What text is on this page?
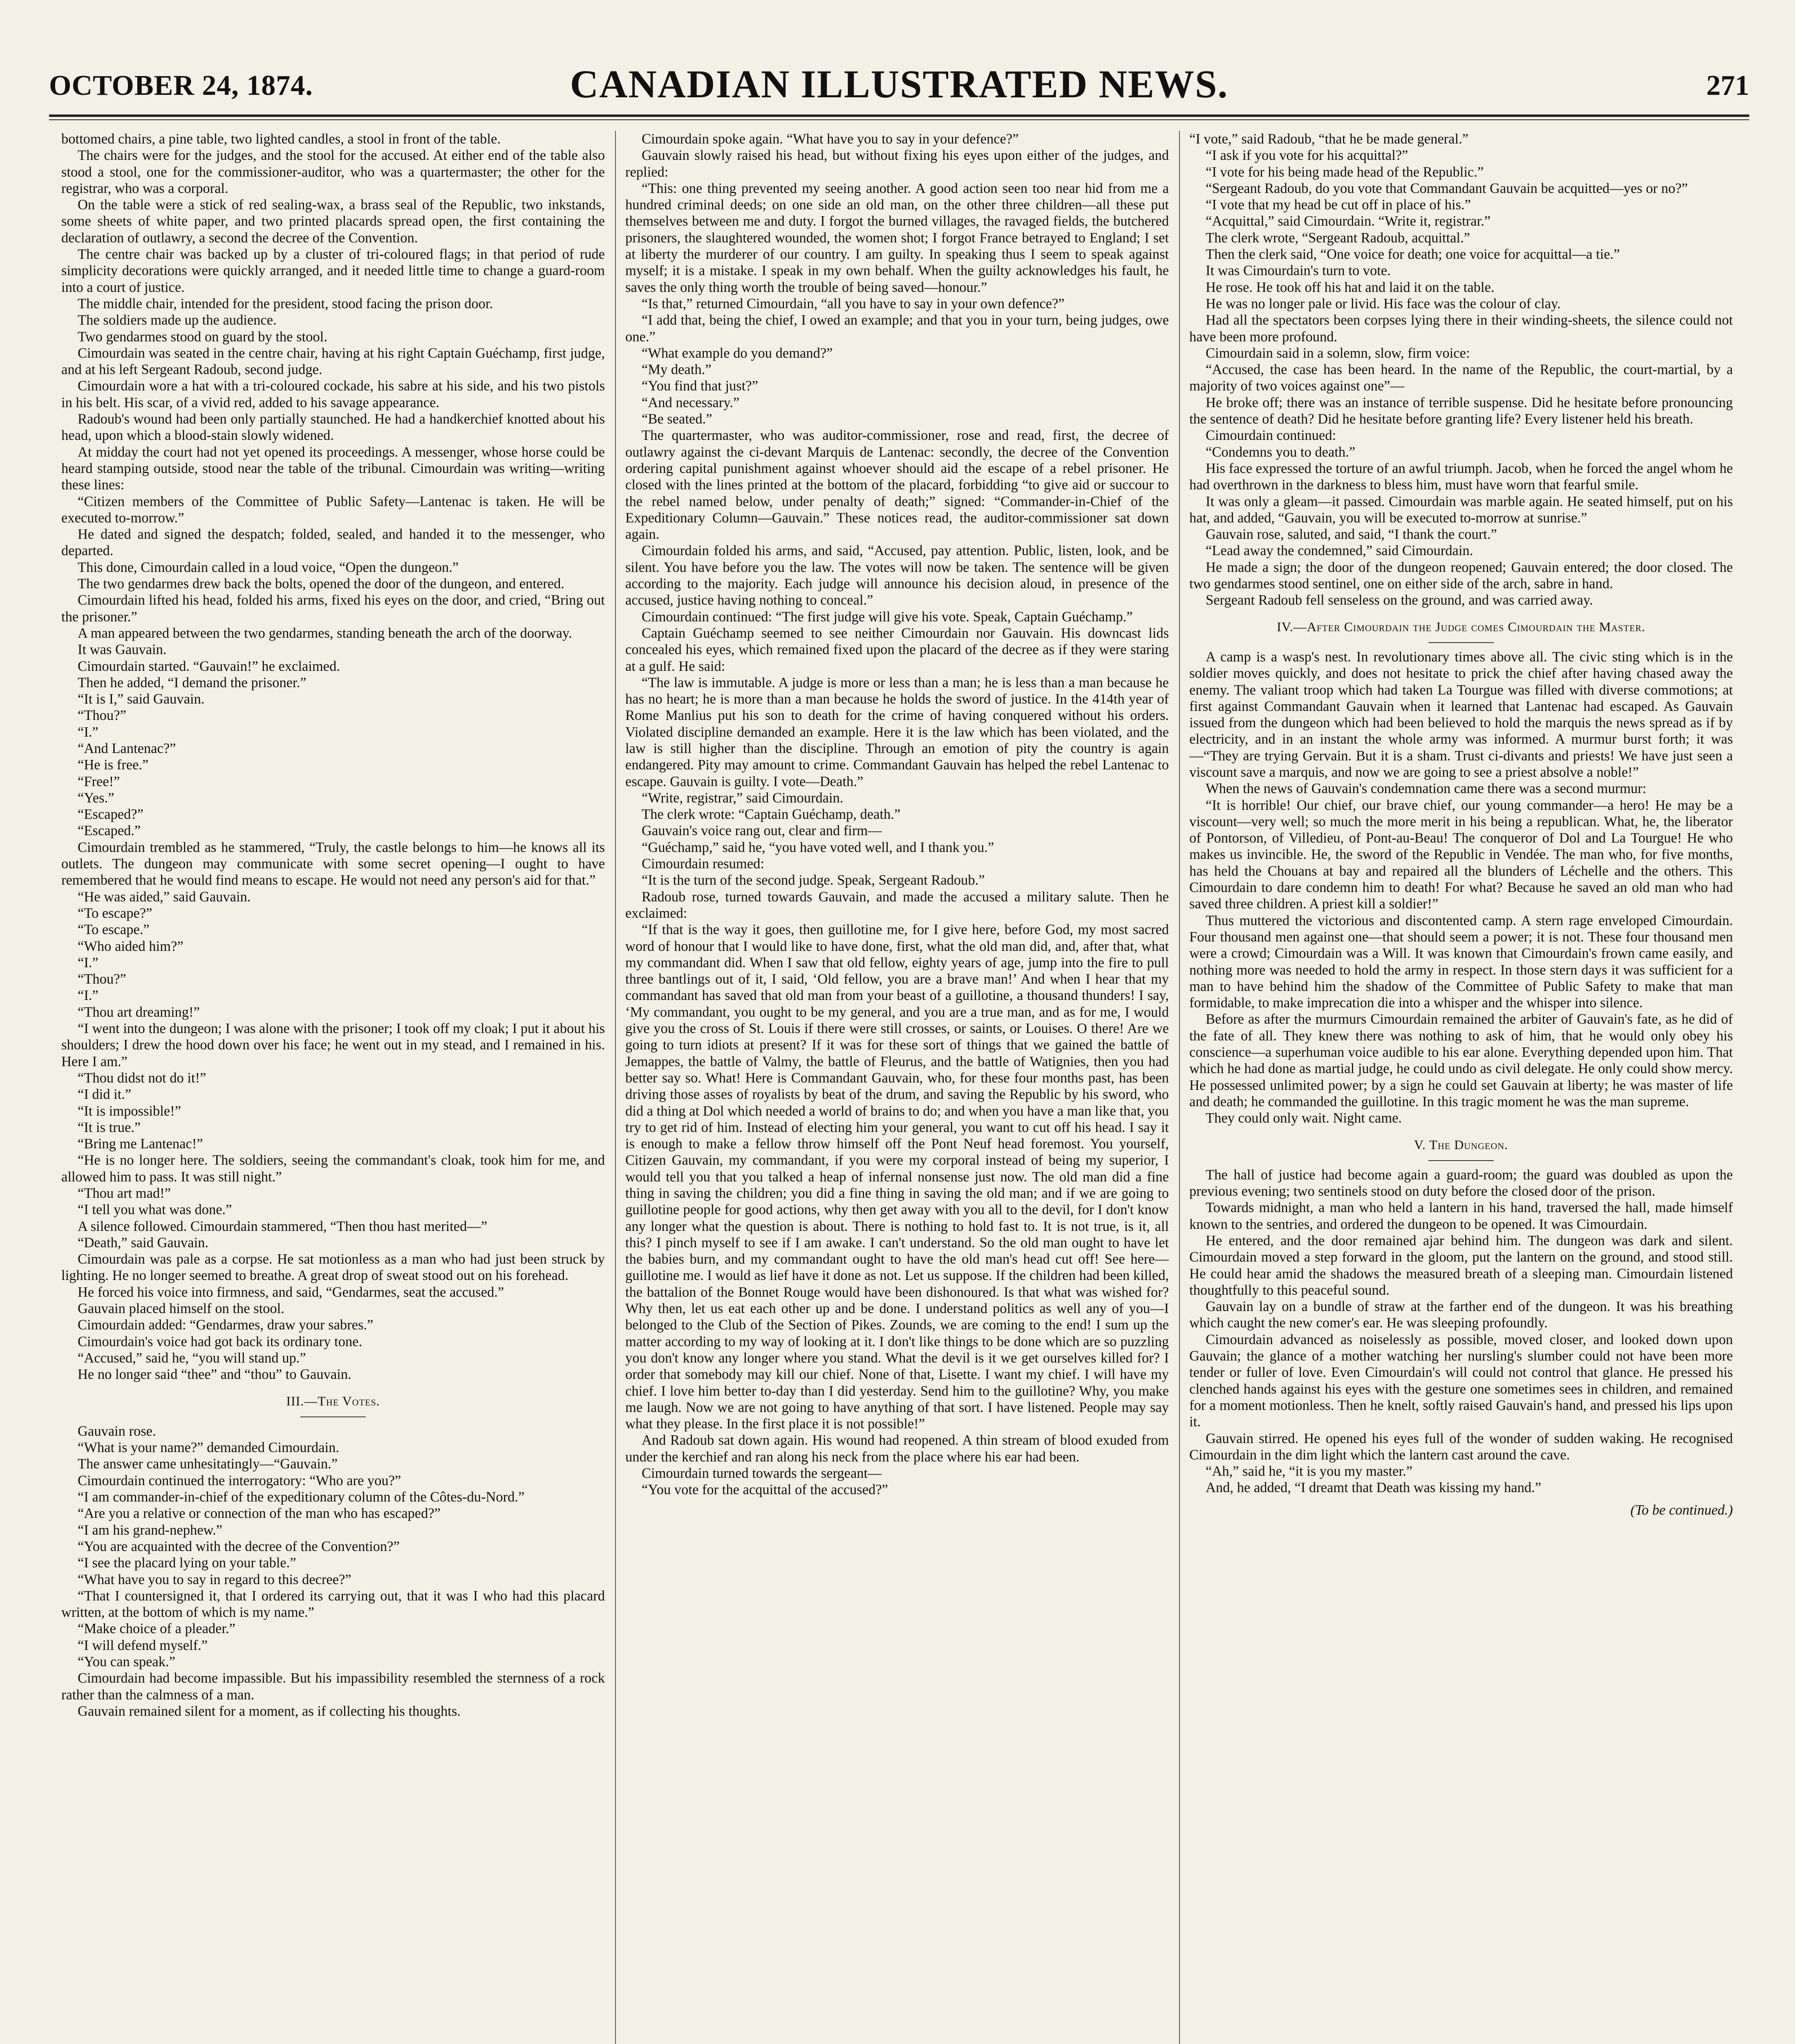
OCTOBER 24, 1874.	CANADIAN ILLUSTRATED NEWS.	271

bottomed chairs, a pine table, two lighted candles, a stool in front of the table.

The chairs were for the judges, and the stool for the accused. At either end of the table also stood a stool, one for the commissioner-auditor, who was a quartermaster; the other for the registrar, who was a corporal.

On the table were a stick of red sealing-wax, a brass seal of the Republic, two inkstands, some sheets of white paper, and two printed placards spread open, the first containing the declaration of outlawry, a second the decree of the Convention.

The centre chair was backed up by a cluster of tri-coloured flags; in that period of rude simplicity decorations were quickly arranged, and it needed little time to change a guard-room into a court of justice.

The middle chair, intended for the president, stood facing the prison door.

The soldiers made up the audience.

Two gendarmes stood on guard by the stool.

Cimourdain was seated in the centre chair, having at his right Captain Guéchamp, first judge, and at his left Sergeant Radoub, second judge.

Cimourdain wore a hat with a tri-coloured cockade, his sabre at his side, and his two pistols in his belt. His scar, of a vivid red, added to his savage appearance.

Radoub's wound had been only partially staunched. He had a handkerchief knotted about his head, upon which a blood-stain slowly widened.

At midday the court had not yet opened its proceedings. A messenger, whose horse could be heard stamping outside, stood near the table of the tribunal. Cimourdain was writing—writing these lines:

“Citizen members of the Committee of Public Safety—Lantenac is taken. He will be executed to-morrow.”

He dated and signed the despatch; folded, sealed, and handed it to the messenger, who departed.

This done, Cimourdain called in a loud voice, “Open the dungeon.”

The two gendarmes drew back the bolts, opened the door of the dungeon, and entered.

Cimourdain lifted his head, folded his arms, fixed his eyes on the door, and cried, “Bring out the prisoner.”

A man appeared between the two gendarmes, standing beneath the arch of the doorway.

It was Gauvain.

Cimourdain started. “Gauvain!” he exclaimed.

Then he added, “I demand the prisoner.”

“It is I,” said Gauvain.

“Thou?”

“I.”

“And Lantenac?”

“He is free.”

“Free!”

“Yes.”

“Escaped?”

“Escaped.”

Cimourdain trembled as he stammered, “Truly, the castle belongs to him—he knows all its outlets. The dungeon may communicate with some secret opening—I ought to have remembered that he would find means to escape. He would not need any person's aid for that.”

“He was aided,” said Gauvain.

“To escape?”

“To escape.”

“Who aided him?”

“I.”

“Thou?”

“I.”

“Thou art dreaming!”

“I went into the dungeon; I was alone with the prisoner; I took off my cloak; I put it about his shoulders; I drew the hood down over his face; he went out in my stead, and I remained in his. Here I am.”

“Thou didst not do it!”

“I did it.”

“It is impossible!”

“It is true.”

“Bring me Lantenac!”

“He is no longer here. The soldiers, seeing the commandant's cloak, took him for me, and allowed him to pass. It was still night.”

“Thou art mad!”

“I tell you what was done.”

A silence followed. Cimourdain stammered, “Then thou hast merited—”

“Death,” said Gauvain.

Cimourdain was pale as a corpse. He sat motionless as a man who had just been struck by lighting. He no longer seemed to breathe. A great drop of sweat stood out on his forehead.

He forced his voice into firmness, and said, “Gendarmes, seat the accused.”

Gauvain placed himself on the stool.

Cimourdain added: “Gendarmes, draw your sabres.”

Cimourdain's voice had got back its ordinary tone.

“Accused,” said he, “you will stand up.”

He no longer said “thee” and “thou” to Gauvain.

III.—The Votes.

Gauvain rose.

“What is your name?” demanded Cimourdain.

The answer came unhesitatingly—“Gauvain.”

Cimourdain continued the interrogatory: “Who are you?”

“I am commander-in-chief of the expeditionary column of the Côtes-du-Nord.”

“Are you a relative or connection of the man who has escaped?”

“I am his grand-nephew.”

“You are acquainted with the decree of the Convention?”

“I see the placard lying on your table.”

“What have you to say in regard to this decree?”

“That I countersigned it, that I ordered its carrying out, that it was I who had this placard written, at the bottom of which is my name.”

“Make choice of a pleader.”

“I will defend myself.”

“You can speak.”

Cimourdain had become impassible. But his impassibility resembled the sternness of a rock rather than the calmness of a man.

Gauvain remained silent for a moment, as if collecting his thoughts.

Cimourdain spoke again. “What have you to say in your defence?”

Gauvain slowly raised his head, but without fixing his eyes upon either of the judges, and replied:

“This: one thing prevented my seeing another. A good action seen too near hid from me a hundred criminal deeds; on one side an old man, on the other three children—all these put themselves between me and duty. I forgot the burned villages, the ravaged fields, the butchered prisoners, the slaughtered wounded, the women shot; I forgot France betrayed to England; I set at liberty the murderer of our country. I am guilty. In speaking thus I seem to speak against myself; it is a mistake. I speak in my own behalf. When the guilty acknowledges his fault, he saves the only thing worth the trouble of being saved—honour.”

“Is that,” returned Cimourdain, “all you have to say in your own defence?”

“I add that, being the chief, I owed an example; and that you in your turn, being judges, owe one.”

“What example do you demand?”

“My death.”

“You find that just?”

“And necessary.”

“Be seated.”

The quartermaster, who was auditor-commissioner, rose and read, first, the decree of outlawry against the ci-devant Marquis de Lantenac: secondly, the decree of the Convention ordering capital punishment against whoever should aid the escape of a rebel prisoner. He closed with the lines printed at the bottom of the placard, forbidding “to give aid or succour to the rebel named below, under penalty of death;” signed: “Commander-in-Chief of the Expeditionary Column—Gauvain.” These notices read, the auditor-commissioner sat down again.

Cimourdain folded his arms, and said, “Accused, pay attention. Public, listen, look, and be silent. You have before you the law. The votes will now be taken. The sentence will be given according to the majority. Each judge will announce his decision aloud, in presence of the accused, justice having nothing to conceal.”

Cimourdain continued: “The first judge will give his vote. Speak, Captain Guéchamp.”

Captain Guéchamp seemed to see neither Cimourdain nor Gauvain. His downcast lids concealed his eyes, which remained fixed upon the placard of the decree as if they were staring at a gulf. He said:

“The law is immutable. A judge is more or less than a man; he is less than a man because he has no heart; he is more than a man because he holds the sword of justice. In the 414th year of Rome Manlius put his son to death for the crime of having conquered without his orders. Violated discipline demanded an example. Here it is the law which has been violated, and the law is still higher than the discipline. Through an emotion of pity the country is again endangered. Pity may amount to crime. Commandant Gauvain has helped the rebel Lantenac to escape. Gauvain is guilty. I vote—Death.”

“Write, registrar,” said Cimourdain.

The clerk wrote: “Captain Guéchamp, death.”

Gauvain's voice rang out, clear and firm—

“Guéchamp,” said he, “you have voted well, and I thank you.”

Cimourdain resumed:

“It is the turn of the second judge. Speak, Sergeant Radoub.”

Radoub rose, turned towards Gauvain, and made the accused a military salute. Then he exclaimed:

“If that is the way it goes, then guillotine me, for I give here, before God, my most sacred word of honour that I would like to have done, first, what the old man did, and, after that, what my commandant did. When I saw that old fellow, eighty years of age, jump into the fire to pull three bantlings out of it, I said, ‘Old fellow, you are a brave man!’ And when I hear that my commandant has saved that old man from your beast of a guillotine, a thousand thunders! I say, ‘My commandant, you ought to be my general, and you are a true man, and as for me, I would give you the cross of St. Louis if there were still crosses, or saints, or Louises. O there! Are we going to turn idiots at present? If it was for these sort of things that we gained the battle of Jemappes, the battle of Valmy, the battle of Fleurus, and the battle of Watignies, then you had better say so. What! Here is Commandant Gauvain, who, for these four months past, has been driving those asses of royalists by beat of the drum, and saving the Republic by his sword, who did a thing at Dol which needed a world of brains to do; and when you have a man like that, you try to get rid of him. Instead of electing him your general, you want to cut off his head. I say it is enough to make a fellow throw himself off the Pont Neuf head foremost. You yourself, Citizen Gauvain, my commandant, if you were my corporal instead of being my superior, I would tell you that you talked a heap of infernal nonsense just now. The old man did a fine thing in saving the children; you did a fine thing in saving the old man; and if we are going to guillotine people for good actions, why then get away with you all to the devil, for I don't know any longer what the question is about. There is nothing to hold fast to. It is not true, is it, all this? I pinch myself to see if I am awake. I can't understand. So the old man ought to have let the babies burn, and my commandant ought to have the old man's head cut off! See here—guillotine me. I would as lief have it done as not. Let us suppose. If the children had been killed, the battalion of the Bonnet Rouge would have been dishonoured. Is that what was wished for? Why then, let us eat each other up and be done. I understand politics as well any of you—I belonged to the Club of the Section of Pikes. Zounds, we are coming to the end! I sum up the matter according to my way of looking at it. I don't like things to be done which are so puzzling you don't know any longer where you stand. What the devil is it we get ourselves killed for? I order that somebody may kill our chief. None of that, Lisette. I want my chief. I will have my chief. I love him better to-day than I did yesterday. Send him to the guillotine? Why, you make me laugh. Now we are not going to have anything of that sort. I have listened. People may say what they please. In the first place it is not possible!”

And Radoub sat down again. His wound had reopened. A thin stream of blood exuded from under the kerchief and ran along his neck from the place where his ear had been.

Cimourdain turned towards the sergeant—

“You vote for the acquittal of the accused?”

“I vote,” said Radoub, “that he be made general.”

“I ask if you vote for his acquittal?”

“I vote for his being made head of the Republic.”

“Sergeant Radoub, do you vote that Commandant Gauvain be acquitted—yes or no?”

“I vote that my head be cut off in place of his.”

“Acquittal,” said Cimourdain. “Write it, registrar.”

The clerk wrote, “Sergeant Radoub, acquittal.”

Then the clerk said, “One voice for death; one voice for acquittal—a tie.”

It was Cimourdain's turn to vote.

He rose. He took off his hat and laid it on the table.

He was no longer pale or livid. His face was the colour of clay.

Had all the spectators been corpses lying there in their winding-sheets, the silence could not have been more profound.

Cimourdain said in a solemn, slow, firm voice:

“Accused, the case has been heard. In the name of the Republic, the court-martial, by a majority of two voices against one”—

He broke off; there was an instance of terrible suspense. Did he hesitate before pronouncing the sentence of death? Did he hesitate before granting life? Every listener held his breath.

Cimourdain continued:

“Condemns you to death.”

His face expressed the torture of an awful triumph. Jacob, when he forced the angel whom he had overthrown in the darkness to bless him, must have worn that fearful smile.

It was only a gleam—it passed. Cimourdain was marble again. He seated himself, put on his hat, and added, “Gauvain, you will be executed to-morrow at sunrise.”

Gauvain rose, saluted, and said, “I thank the court.”

“Lead away the condemned,” said Cimourdain.

He made a sign; the door of the dungeon reopened; Gauvain entered; the door closed. The two gendarmes stood sentinel, one on either side of the arch, sabre in hand.

Sergeant Radoub fell senseless on the ground, and was carried away.

IV.—After Cimourdain the Judge comes Cimourdain the Master.

A camp is a wasp's nest. In revolutionary times above all. The civic sting which is in the soldier moves quickly, and does not hesitate to prick the chief after having chased away the enemy. The valiant troop which had taken La Tourgue was filled with diverse commotions; at first against Commandant Gauvain when it learned that Lantenac had escaped. As Gauvain issued from the dungeon which had been believed to hold the marquis the news spread as if by electricity, and in an instant the whole army was informed. A murmur burst forth; it was—“They are trying Gervain. But it is a sham. Trust ci-divants and priests! We have just seen a viscount save a marquis, and now we are going to see a priest absolve a noble!”

When the news of Gauvain's condemnation came there was a second murmur:

“It is horrible! Our chief, our brave chief, our young commander—a hero! He may be a viscount—very well; so much the more merit in his being a republican. What, he, the liberator of Pontorson, of Villedieu, of Pont-au-Beau! The conqueror of Dol and La Tourgue! He who makes us invincible. He, the sword of the Republic in Vendée. The man who, for five months, has held the Chouans at bay and repaired all the blunders of Léchelle and the others. This Cimourdain to dare condemn him to death! For what? Because he saved an old man who had saved three children. A priest kill a soldier!”

Thus muttered the victorious and discontented camp. A stern rage enveloped Cimourdain. Four thousand men against one—that should seem a power; it is not. These four thousand men were a crowd; Cimourdain was a Will. It was known that Cimourdain's frown came easily, and nothing more was needed to hold the army in respect. In those stern days it was sufficient for a man to have behind him the shadow of the Committee of Public Safety to make that man formidable, to make imprecation die into a whisper and the whisper into silence.

Before as after the murmurs Cimourdain remained the arbiter of Gauvain's fate, as he did of the fate of all. They knew there was nothing to ask of him, that he would only obey his conscience—a superhuman voice audible to his ear alone. Everything depended upon him. That which he had done as martial judge, he could undo as civil delegate. He only could show mercy. He possessed unlimited power; by a sign he could set Gauvain at liberty; he was master of life and death; he commanded the guillotine. In this tragic moment he was the man supreme.

They could only wait. Night came.

V. The Dungeon.

The hall of justice had become again a guard-room; the guard was doubled as upon the previous evening; two sentinels stood on duty before the closed door of the prison.

Towards midnight, a man who held a lantern in his hand, traversed the hall, made himself known to the sentries, and ordered the dungeon to be opened. It was Cimourdain.

He entered, and the door remained ajar behind him. The dungeon was dark and silent. Cimourdain moved a step forward in the gloom, put the lantern on the ground, and stood still. He could hear amid the shadows the measured breath of a sleeping man. Cimourdain listened thoughtfully to this peaceful sound.

Gauvain lay on a bundle of straw at the farther end of the dungeon. It was his breathing which caught the new comer's ear. He was sleeping profoundly.

Cimourdain advanced as noiselessly as possible, moved closer, and looked down upon Gauvain; the glance of a mother watching her nursling's slumber could not have been more tender or fuller of love. Even Cimourdain's will could not control that glance. He pressed his clenched hands against his eyes with the gesture one sometimes sees in children, and remained for a moment motionless. Then he knelt, softly raised Gauvain's hand, and pressed his lips upon it.

Gauvain stirred. He opened his eyes full of the wonder of sudden waking. He recognised Cimourdain in the dim light which the lantern cast around the cave.

“Ah,” said he, “it is you my master.”

And, he added, “I dreamt that Death was kissing my hand.”

(To be continued.)
